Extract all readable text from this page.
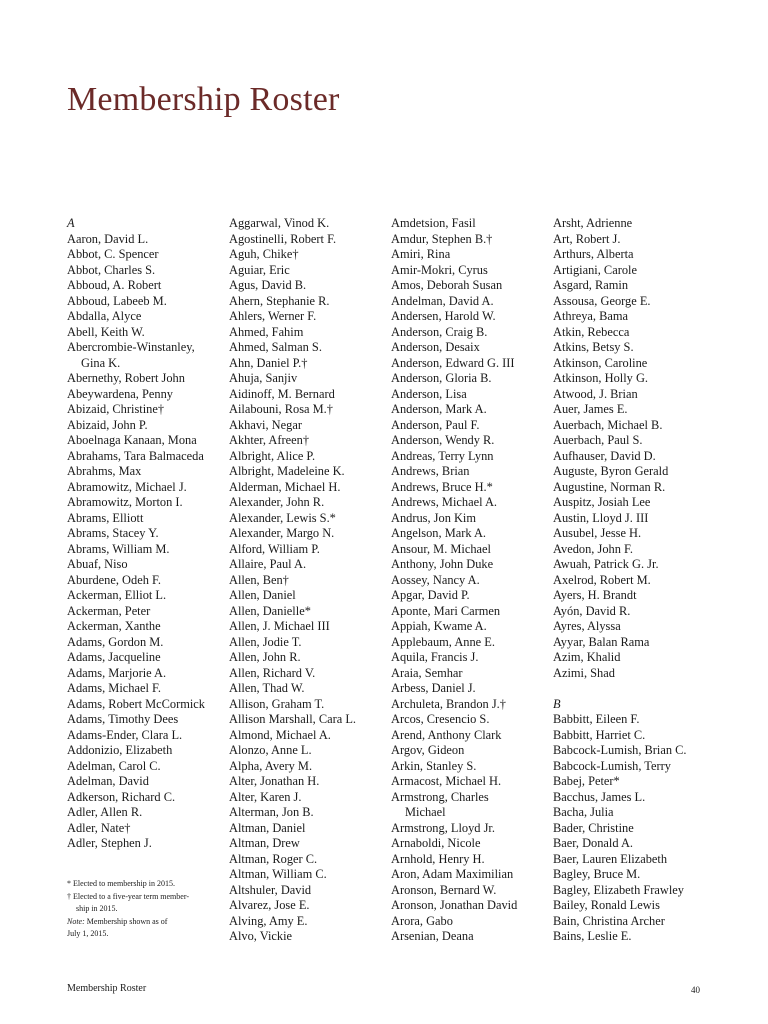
Membership Roster
A
Aaron, David L.
Abbot, C. Spencer
Abbot, Charles S.
Abboud, A. Robert
Abboud, Labeeb M.
Abdalla, Alyce
Abell, Keith W.
Abercrombie-Winstanley,
Gina K.
Abernethy, Robert John
Abeywardena, Penny
Abizaid, Christine†
Abizaid, John P.
Aboelnaga Kanaan, Mona
Abrahams, Tara Balmaceda
Abrahms, Max
Abramowitz, Michael J.
Abramowitz, Morton I.
Abrams, Elliott
Abrams, Stacey Y.
Abrams, William M.
Abuaf, Niso
Aburdene, Odeh F.
Ackerman, Elliot L.
Ackerman, Peter
Ackerman, Xanthe
Adams, Gordon M.
Adams, Jacqueline
Adams, Marjorie A.
Adams, Michael F.
Adams, Robert McCormick
Adams, Timothy Dees
Adams-Ender, Clara L.
Addonizio, Elizabeth
Adelman, Carol C.
Adelman, David
Adkerson, Richard C.
Adler, Allen R.
Adler, Nate†
Adler, Stephen J.
Aggarwal, Vinod K.
Agostinelli, Robert F.
Aguh, Chike†
Aguiar, Eric
Agus, David B.
Ahern, Stephanie R.
Ahlers, Werner F.
Ahmed, Fahim
Ahmed, Salman S.
Ahn, Daniel P.†
Ahuja, Sanjiv
Aidinoff, M. Bernard
Ailabouni, Rosa M.†
Akhavi, Negar
Akhter, Afreen†
Albright, Alice P.
Albright, Madeleine K.
Alderman, Michael H.
Alexander, John R.
Alexander, Lewis S.*
Alexander, Margo N.
Alford, William P.
Allaire, Paul A.
Allen, Ben†
Allen, Daniel
Allen, Danielle*
Allen, J. Michael III
Allen, Jodie T.
Allen, John R.
Allen, Richard V.
Allen, Thad W.
Allison, Graham T.
Allison Marshall, Cara L.
Almond, Michael A.
Alonzo, Anne L.
Alpha, Avery M.
Alter, Jonathan H.
Alter, Karen J.
Alterman, Jon B.
Altman, Daniel
Altman, Drew
Altman, Roger C.
Altman, William C.
Altshuler, David
Alvarez, Jose E.
Alving, Amy E.
Alvo, Vickie
Amdetsion, Fasil
Amdur, Stephen B.†
Amiri, Rina
Amir-Mokri, Cyrus
Amos, Deborah Susan
Andelman, David A.
Andersen, Harold W.
Anderson, Craig B.
Anderson, Desaix
Anderson, Edward G. III
Anderson, Gloria B.
Anderson, Lisa
Anderson, Mark A.
Anderson, Paul F.
Anderson, Wendy R.
Andreas, Terry Lynn
Andrews, Brian
Andrews, Bruce H.*
Andrews, Michael A.
Andrus, Jon Kim
Angelson, Mark A.
Ansour, M. Michael
Anthony, John Duke
Aossey, Nancy A.
Apgar, David P.
Aponte, Mari Carmen
Appiah, Kwame A.
Applebaum, Anne E.
Aquila, Francis J.
Araia, Semhar
Arbess, Daniel J.
Archuleta, Brandon J.†
Arcos, Cresencio S.
Arend, Anthony Clark
Argov, Gideon
Arkin, Stanley S.
Armacost, Michael H.
Armstrong, Charles
Michael
Armstrong, Lloyd Jr.
Arnaboldi, Nicole
Arnhold, Henry H.
Aron, Adam Maximilian
Aronson, Bernard W.
Aronson, Jonathan David
Arora, Gabo
Arsenian, Deana
Arsht, Adrienne
Art, Robert J.
Arthurs, Alberta
Artigiani, Carole
Asgard, Ramin
Assousa, George E.
Athreya, Bama
Atkin, Rebecca
Atkins, Betsy S.
Atkinson, Caroline
Atkinson, Holly G.
Atwood, J. Brian
Auer, James E.
Auerbach, Michael B.
Auerbach, Paul S.
Aufhauser, David D.
Auguste, Byron Gerald
Augustine, Norman R.
Auspitz, Josiah Lee
Austin, Lloyd J. III
Ausubel, Jesse H.
Avedon, John F.
Awuah, Patrick G. Jr.
Axelrod, Robert M.
Ayers, H. Brandt
Ayón, David R.
Ayres, Alyssa
Ayyar, Balan Rama
Azim, Khalid
Azimi, Shad
B
Babbitt, Eileen F.
Babbitt, Harriet C.
Babcock-Lumish, Brian C.
Babcock-Lumish, Terry
Babej, Peter*
Bacchus, James L.
Bacha, Julia
Bader, Christine
Baer, Donald A.
Baer, Lauren Elizabeth
Bagley, Bruce M.
Bagley, Elizabeth Frawley
Bailey, Ronald Lewis
Bain, Christina Archer
Bains, Leslie E.
* Elected to membership in 2015.
† Elected to a five-year term member-
ship in 2015.
Note: Membership shown as of
July 1, 2015.
Membership Roster	40
